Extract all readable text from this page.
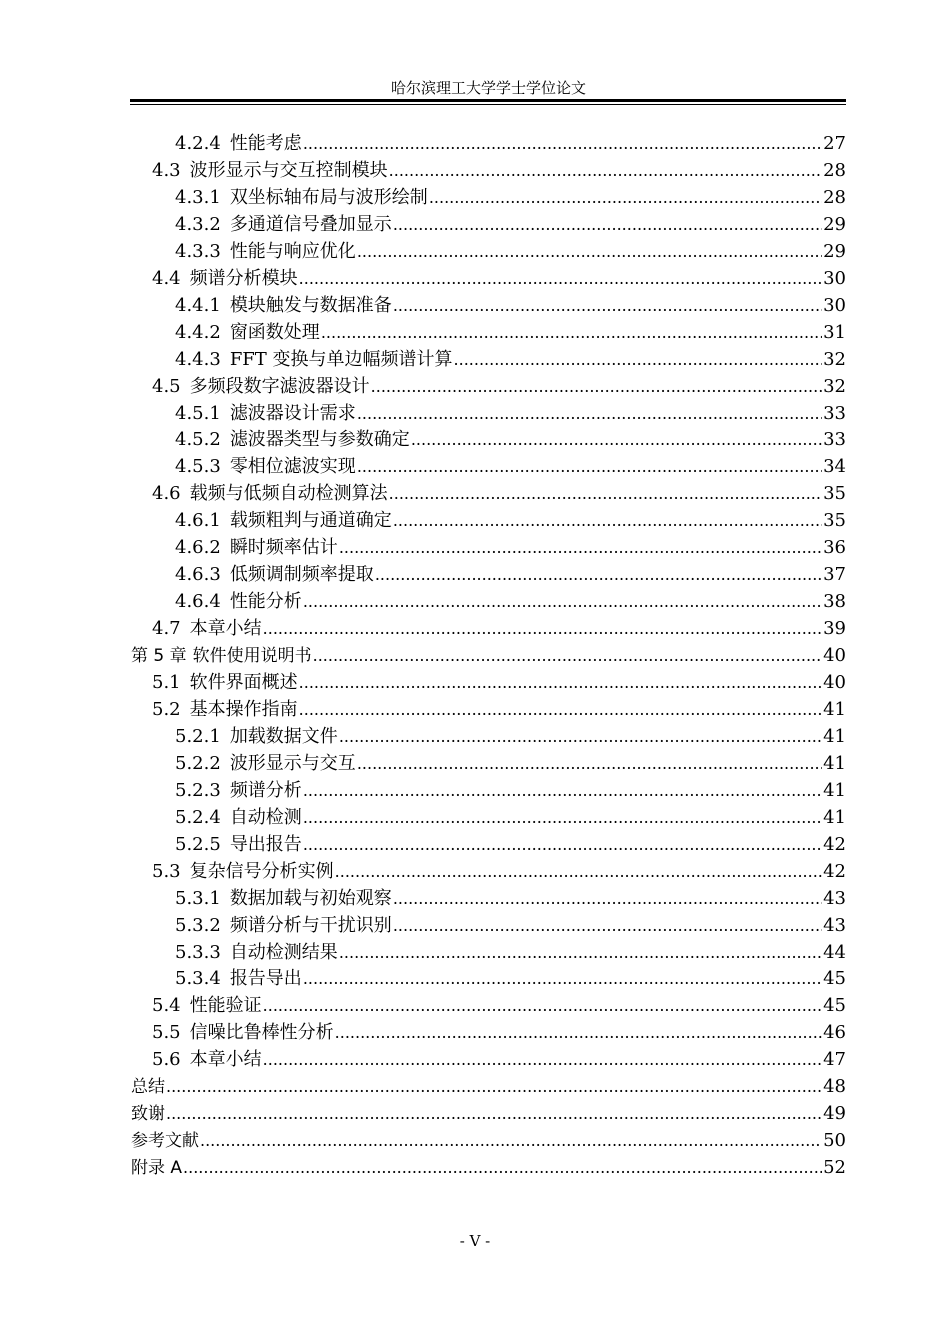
哈尔滨理工大学学士学位论文
4.2.4 性能考虑 .....	27
4.3 波形显示与交互控制模块 .....	28
4.3.1 双坐标轴布局与波形绘制 .....	28
4.3.2 多通道信号叠加显示 .....	29
4.3.3 性能与响应优化 .....	29
4.4 频谱分析模块 .....	30
4.4.1 模块触发与数据准备 .....	30
4.4.2 窗函数处理 .....	31
4.4.3 FFT 变换与单边幅频谱计算 .....	32
4.5 多频段数字滤波器设计 .....	32
4.5.1 滤波器设计需求 .....	33
4.5.2 滤波器类型与参数确定 .....	33
4.5.3 零相位滤波实现 .....	34
4.6 载频与低频自动检测算法 .....	35
4.6.1 载频粗判与通道确定 .....	35
4.6.2 瞬时频率估计 .....	36
4.6.3 低频调制频率提取 .....	37
4.6.4 性能分析 .....	38
4.7 本章小结 .....	39
第 5 章 软件使用说明书 .....	40
5.1 软件界面概述 .....	40
5.2 基本操作指南 .....	41
5.2.1 加载数据文件 .....	41
5.2.2 波形显示与交互 .....	41
5.2.3 频谱分析 .....	41
5.2.4 自动检测 .....	41
5.2.5 导出报告 .....	42
5.3 复杂信号分析实例 .....	42
5.3.1 数据加载与初始观察 .....	43
5.3.2 频谱分析与干扰识别 .....	43
5.3.3 自动检测结果 .....	44
5.3.4 报告导出 .....	45
5.4 性能验证 .....	45
5.5 信噪比鲁棒性分析 .....	46
5.6 本章小结 .....	47
总结 .....	48
致谢 .....	49
参考文献 .....	50
附录 A .....	52
- V -
